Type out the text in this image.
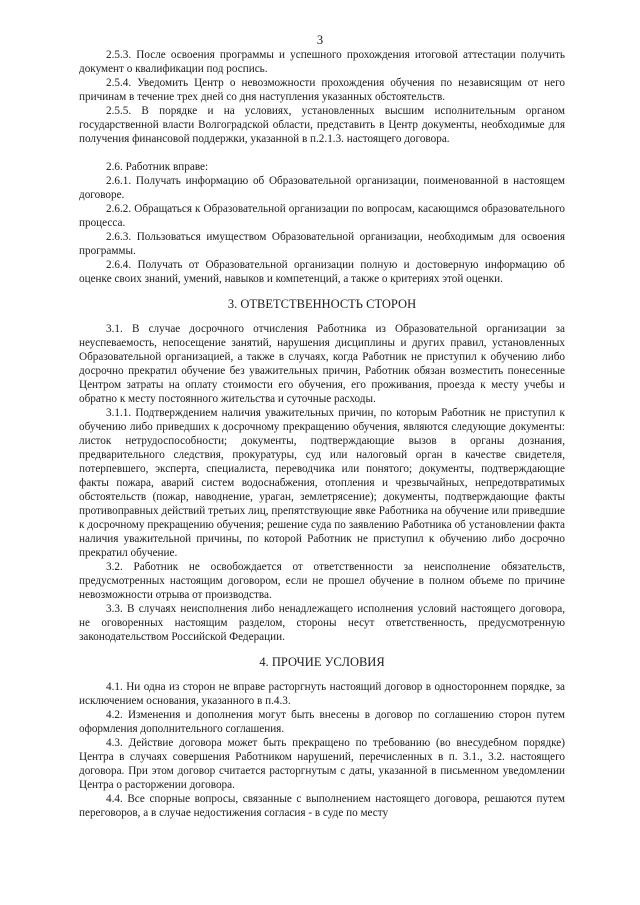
3

2.5.3. После освоения программы и успешного прохождения итоговой аттестации получить документ о квалификации под роспись.

2.5.4. Уведомить Центр о невозможности прохождения обучения по независящим от него причинам в течение трех дней со дня наступления указанных обстоятельств.

2.5.5. В порядке и на условиях, установленных высшим исполнительным органом государственной власти Волгоградской области, представить в Центр документы, необходимые для получения финансовой поддержки, указанной в п.2.1.3. настоящего договора.

2.6. Работник вправе:

2.6.1. Получать информацию об Образовательной организации, поименованной в настоящем договоре.

2.6.2. Обращаться к Образовательной организации по вопросам, касающимся образовательного процесса.

2.6.3. Пользоваться имуществом Образовательной организации, необходимым для освоения программы.

2.6.4. Получать от Образовательной организации полную и достоверную информацию об оценке своих знаний, умений, навыков и компетенций, а также о критериях этой оценки.

3. ОТВЕТСТВЕННОСТЬ СТОРОН

3.1. В случае досрочного отчисления Работника из Образовательной организации за неуспеваемость, непосещение занятий, нарушения дисциплины и других правил, установленных Образовательной организацией, а также в случаях, когда Работник не приступил к обучению либо досрочно прекратил обучение без уважительных причин, Работник обязан возместить понесенные Центром затраты на оплату стоимости его обучения, его проживания, проезда к месту учебы и обратно к месту постоянного жительства и суточные расходы.

3.1.1. Подтверждением наличия уважительных причин, по которым Работник не приступил к обучению либо приведших к досрочному прекращению обучения, являются следующие документы: листок нетрудоспособности; документы, подтверждающие вызов в органы дознания, предварительного следствия, прокуратуры, суд или налоговый орган в качестве свидетеля, потерпевшего, эксперта, специалиста, переводчика или понятого; документы, подтверждающие факты пожара, аварий систем водоснабжения, отопления и чрезвычайных, непредотвратимых обстоятельств (пожар, наводнение, ураган, землетрясение); документы, подтверждающие факты противоправных действий третьих лиц, препятствующие явке Работника на обучение или приведшие к досрочному прекращению обучения; решение суда по заявлению Работника об установлении факта наличия уважительной причины, по которой Работник не приступил к обучению либо досрочно прекратил обучение.

3.2. Работник не освобождается от ответственности за неисполнение обязательств, предусмотренных настоящим договором, если не прошел обучение в полном объеме по причине невозможности отрыва от производства.

3.3. В случаях неисполнения либо ненадлежащего исполнения условий настоящего договора, не оговоренных настоящим разделом, стороны несут ответственность, предусмотренную законодательством Российской Федерации.

4. ПРОЧИЕ УСЛОВИЯ

4.1. Ни одна из сторон не вправе расторгнуть настоящий договор в одностороннем порядке, за исключением основания, указанного в п.4.3.

4.2. Изменения и дополнения могут быть внесены в договор по соглашению сторон путем оформления дополнительного соглашения.

4.3. Действие договора может быть прекращено по требованию (во внесудебном порядке) Центра в случаях совершения Работником нарушений, перечисленных в п. 3.1., 3.2. настоящего договора. При этом договор считается расторгнутым с даты, указанной в письменном уведомлении Центра о расторжении договора.

4.4. Все спорные вопросы, связанные с выполнением настоящего договора, решаются путем переговоров, а в случае недостижения согласия - в суде по месту
